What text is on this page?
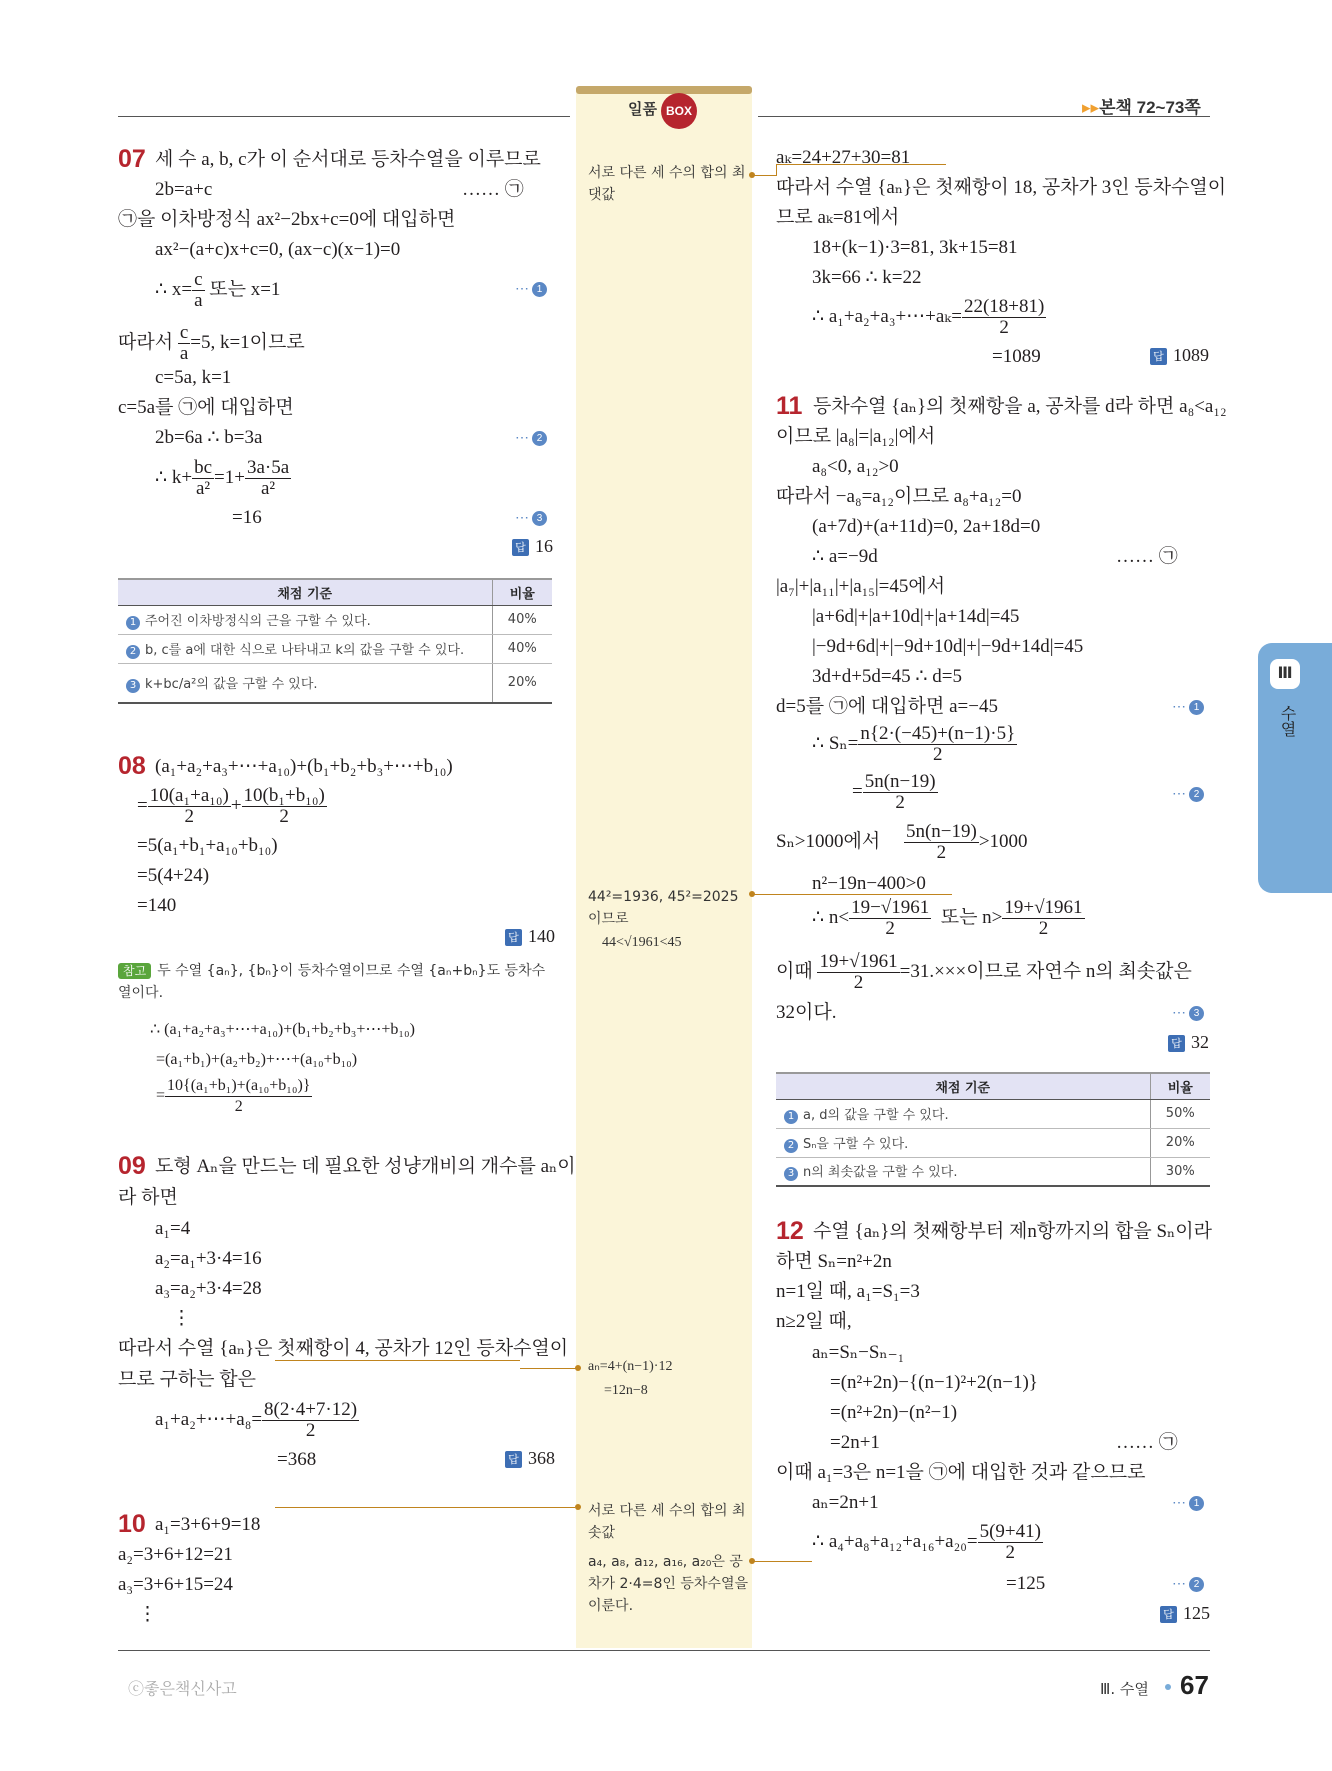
일품 BOX	▸▸본책 72~73쪽
Ⅲ
수열
07 세 수 a, b, c가 이 순서대로 등차수열을 이루므로
2b=a+c	…… ㉠
㉠을 이차방정식 ax²−2bx+c=0에 대입하면
ax²−(a+c)x+c=0, (ax−c)(x−1)=0
∴ $x= \frac{c}{a}$ 또는 x=1	⋯ 1
따라서 $\frac{c}{a} =5$, k=1이므로
c=5a, k=1
c=5a를 ㉠에 대입하면
2b=6a ∴ b=3a	⋯ 2
∴ $k+ \frac{bc}{\text{a²}} =1+ \frac{3a\cdot 5a}{\text{a²}}$
=16	⋯ 3
답 16
채점 기준	비율
1 주어진 이차방정식의 근을 구할 수 있다.	40%
2 b, c를 a에 대한 식으로 나타내고 k의 값을 구할 수 있다.	40%
3 k+bc/a²의 값을 구할 수 있다.	20%
08 (a₁+a₂+a₃+⋯+a₁₀)+(b₁+b₂+b₃+⋯+b₁₀)
= $\frac{\text{10(a₁+a₁₀)}}{2} + \frac{\text{10(b₁+b₁₀)}}{2}$
=5(a₁+b₁+a₁₀+b₁₀)
=5(4+24)
=140
답 140
참고 두 수열 {aₙ}, {bₙ}이 등차수열이므로 수열 {aₙ+bₙ}도 등차수열이다.
∴ (a₁+a₂+a₃+⋯+a₁₀)+(b₁+b₂+b₃+⋯+b₁₀)
=(a₁+b₁)+(a₂+b₂)+⋯+(a₁₀+b₁₀)
= $\frac{\text{10\{(a₁+b₁)+(a₁₀+b₁₀)\}}}{2}$
09 도형 Aₙ을 만드는 데 필요한 성냥개비의 개수를 aₙ이
라 하면
a₁=4
a₂=a₁+3·4=16
a₃=a₂+3·4=28
⋮
따라서 수열 {aₙ}은 첫째항이 4, 공차가 12인 등차수열이
므로 구하는 합은
a₁+a₂+⋯+a₈= $\frac{8(2\cdot 4+7\cdot 12)}{2}$
=368	답 368
10 a₁=3+6+9=18
a₂=3+6+12=21
a₃=3+6+15=24
⋮
서로 다른 세 수의 합의 최댓값
44²=1936, 45²=2025이므로
44<√1961<45
aₙ=4+(n−1)·12
=12n−8
서로 다른 세 수의 합의 최솟값
a₄, a₈, a₁₂, a₁₆, a₂₀은 공차가 2·4=8인 등차수열을 이룬다.
aₖ=24+27+30=81
따라서 수열 {aₙ}은 첫째항이 18, 공차가 3인 등차수열이
므로 aₖ=81에서
18+(k−1)·3=81, 3k+15=81
3k=66 ∴ k=22
∴ a₁+a₂+a₃+⋯+aₖ= $\frac{22(18+81)}{2}$
=1089	답 1089
11 등차수열 {aₙ}의 첫째항을 a, 공차를 d라 하면 a₈<a₁₂
이므로 |a₈|=|a₁₂|에서
a₈<0, a₁₂>0
따라서 −a₈=a₁₂이므로 a₈+a₁₂=0
(a+7d)+(a+11d)=0, 2a+18d=0
∴ a=−9d	…… ㉠
|a₇|+|a₁₁|+|a₁₅|=45에서
|a+6d|+|a+10d|+|a+14d|=45
|−9d+6d|+|−9d+10d|+|−9d+14d|=45
3d+d+5d=45 ∴ d=5
d=5를 ㉠에 대입하면 a=−45	⋯ 1
∴ $S_n= \frac{n\{2\cdot(-45)+(n-1)\cdot 5\}}{2}$
= $\frac{5n(n-19)}{2}$	⋯ 2
Sₙ>1000에서 $\frac{5n(n-19)}{2} >1000$
n²−19n−400>0
∴ $n< \frac{19-√1961}{2}$ 또는 $n> \frac{19+√1961}{2}$
이때 $\frac{19+√1961}{2} =31.\times\times\times$이므로 자연수 n의 최솟값은
⋯ 3
32이다.
답 32
채점 기준	비율
1 a, d의 값을 구할 수 있다.	50%
2 Sₙ을 구할 수 있다.	20%
3 n의 최솟값을 구할 수 있다.	30%
12 수열 {aₙ}의 첫째항부터 제n항까지의 합을 Sₙ이라
하면 Sₙ=n²+2n
n=1일 때, a₁=S₁=3
n≥2일 때,
aₙ=Sₙ−Sₙ₋₁
=(n²+2n)−{(n−1)²+2(n−1)}
=(n²+2n)−(n²−1)
=2n+1	…… ㉠
이때 a₁=3은 n=1을 ㉠에 대입한 것과 같으므로
aₙ=2n+1	⋯ 1
∴ $a_4+a_8+a_{12}+a_{16}+a_{20}= \frac{5(9+41)}{2}$
=125	⋯ 2
답 125
ⓒ좋은책신사고	Ⅲ. 수열 67
